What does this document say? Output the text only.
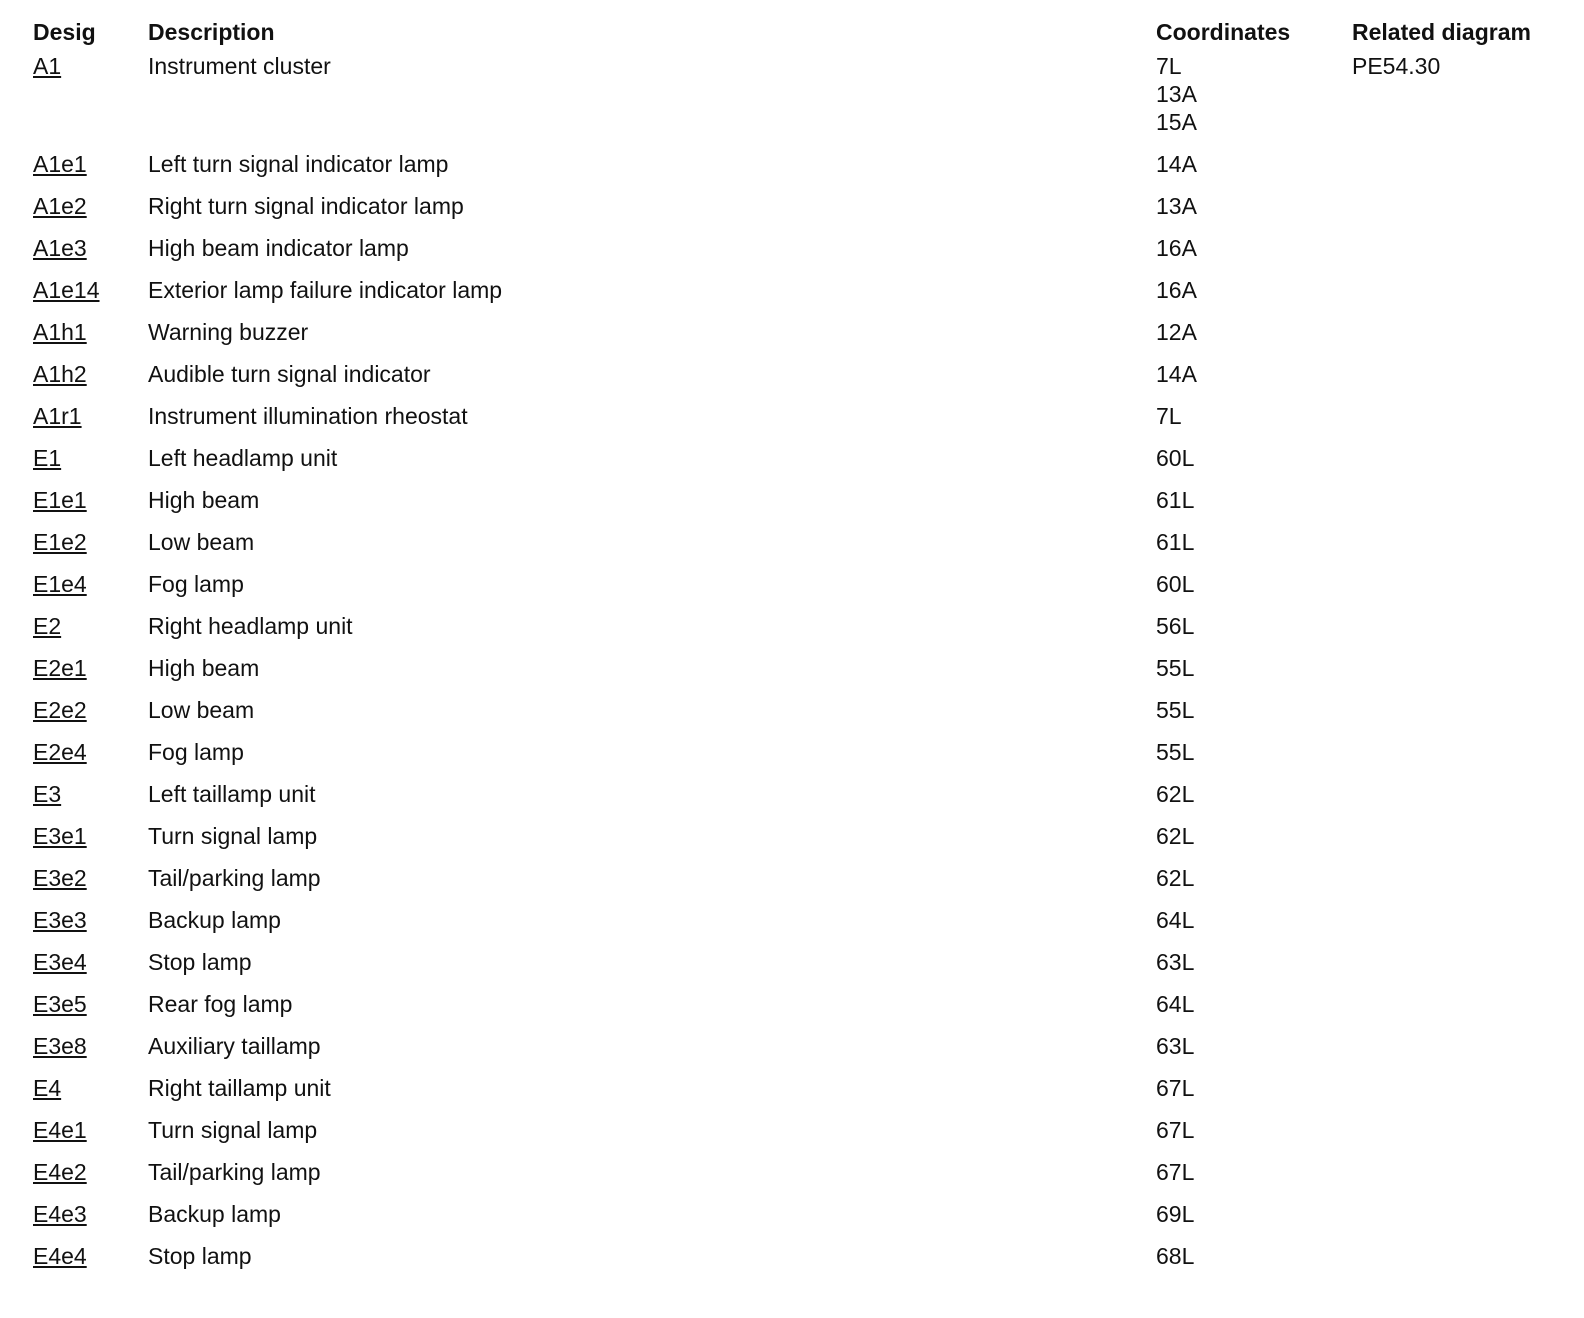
Desig	Description	Coordinates	Related diagram
A1	Instrument cluster	7L
13A
15A	PE54.30
A1e1	Left turn signal indicator lamp	14A	

A1e2	Right turn signal indicator lamp	13A	

A1e3	High beam indicator lamp	16A	

A1e14	Exterior lamp failure indicator lamp	16A	

A1h1	Warning buzzer	12A	

A1h2	Audible turn signal indicator	14A	

A1r1	Instrument illumination rheostat	7L	

E1	Left headlamp unit	60L	

E1e1	High beam	61L	

E1e2	Low beam	61L	

E1e4	Fog lamp	60L	

E2	Right headlamp unit	56L	

E2e1	High beam	55L	

E2e2	Low beam	55L	

E2e4	Fog lamp	55L	

E3	Left taillamp unit	62L	

E3e1	Turn signal lamp	62L	

E3e2	Tail/parking lamp	62L	

E3e3	Backup lamp	64L	

E3e4	Stop lamp	63L	

E3e5	Rear fog lamp	64L	

E3e8	Auxiliary taillamp	63L	

E4	Right taillamp unit	67L	

E4e1	Turn signal lamp	67L	

E4e2	Tail/parking lamp	67L	

E4e3	Backup lamp	69L	

E4e4	Stop lamp	68L	
